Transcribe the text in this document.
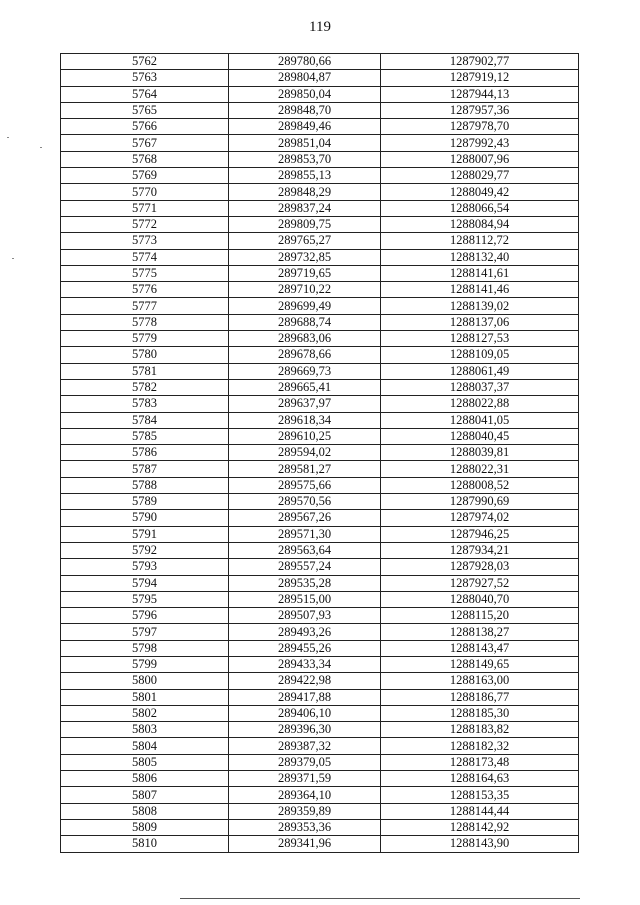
119
5762	289780,66	1287902,77
5763	289804,87	1287919,12
5764	289850,04	1287944,13
5765	289848,70	1287957,36
5766	289849,46	1287978,70
5767	289851,04	1287992,43
5768	289853,70	1288007,96
5769	289855,13	1288029,77
5770	289848,29	1288049,42
5771	289837,24	1288066,54
5772	289809,75	1288084,94
5773	289765,27	1288112,72
5774	289732,85	1288132,40
5775	289719,65	1288141,61
5776	289710,22	1288141,46
5777	289699,49	1288139,02
5778	289688,74	1288137,06
5779	289683,06	1288127,53
5780	289678,66	1288109,05
5781	289669,73	1288061,49
5782	289665,41	1288037,37
5783	289637,97	1288022,88
5784	289618,34	1288041,05
5785	289610,25	1288040,45
5786	289594,02	1288039,81
5787	289581,27	1288022,31
5788	289575,66	1288008,52
5789	289570,56	1287990,69
5790	289567,26	1287974,02
5791	289571,30	1287946,25
5792	289563,64	1287934,21
5793	289557,24	1287928,03
5794	289535,28	1287927,52
5795	289515,00	1288040,70
5796	289507,93	1288115,20
5797	289493,26	1288138,27
5798	289455,26	1288143,47
5799	289433,34	1288149,65
5800	289422,98	1288163,00
5801	289417,88	1288186,77
5802	289406,10	1288185,30
5803	289396,30	1288183,82
5804	289387,32	1288182,32
5805	289379,05	1288173,48
5806	289371,59	1288164,63
5807	289364,10	1288153,35
5808	289359,89	1288144,44
5809	289353,36	1288142,92
5810	289341,96	1288143,90
